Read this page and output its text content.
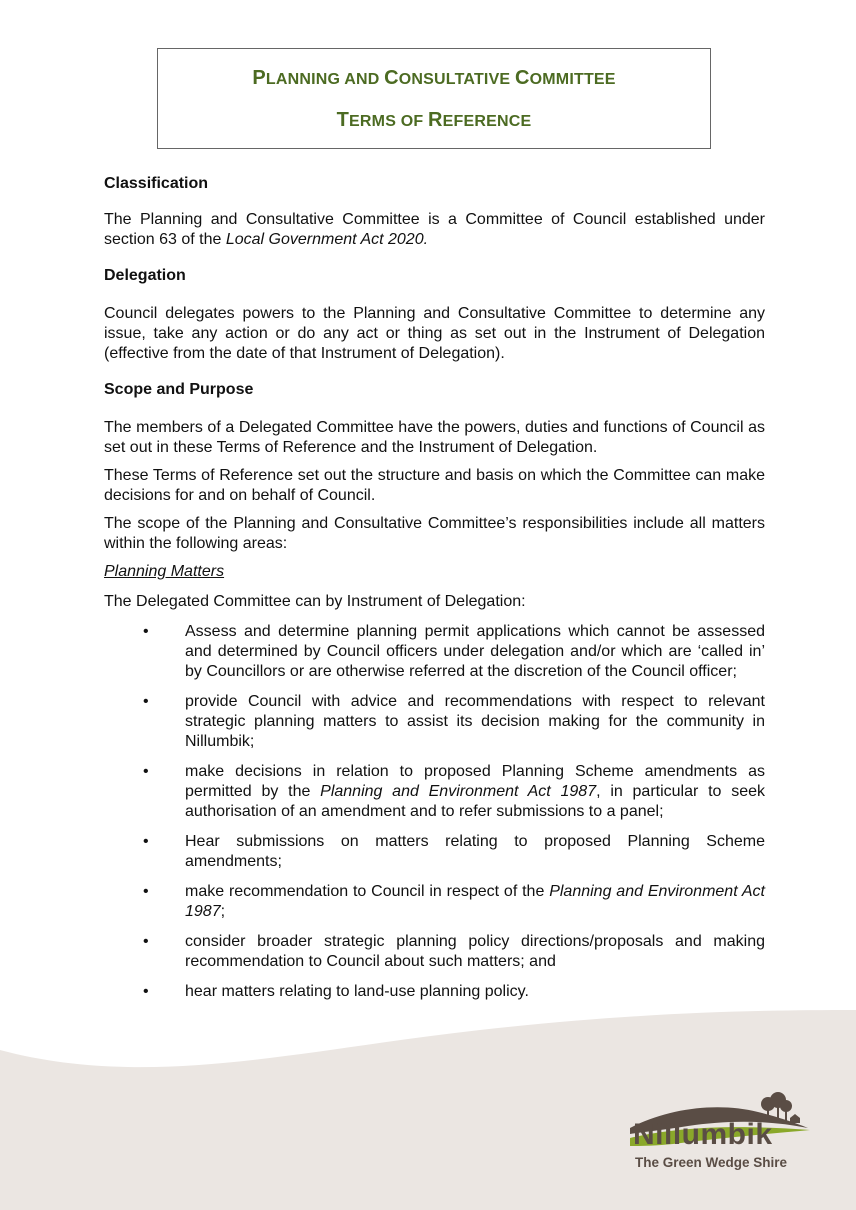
PLANNING AND CONSULTATIVE COMMITTEE
TERMS OF REFERENCE
Classification

The Planning and Consultative Committee is a Committee of Council established under section 63 of the Local Government Act 2020.

Delegation

Council delegates powers to the Planning and Consultative Committee to determine any issue, take any action or do any act or thing as set out in the Instrument of Delegation (effective from the date of that Instrument of Delegation).

Scope and Purpose

The members of a Delegated Committee have the powers, duties and functions of Council as set out in these Terms of Reference and the Instrument of Delegation.

These Terms of Reference set out the structure and basis on which the Committee can make decisions for and on behalf of Council.

The scope of the Planning and Consultative Committee’s responsibilities include all matters within the following areas:

Planning Matters

The Delegated Committee can by Instrument of Delegation:

• Assess and determine planning permit applications which cannot be assessed and determined by Council officers under delegation and/or which are ‘called in’ by Councillors or are otherwise referred at the discretion of the Council officer;
• provide Council with advice and recommendations with respect to relevant strategic planning matters to assist its decision making for the community in Nillumbik;
• make decisions in relation to proposed Planning Scheme amendments as permitted by the Planning and Environment Act 1987, in particular to seek authorisation of an amendment and to refer submissions to a panel;
• Hear submissions on matters relating to proposed Planning Scheme amendments;
• make recommendation to Council in respect of the Planning and Environment Act 1987;
• consider broader strategic planning policy directions/proposals and making recommendation to Council about such matters; and
• hear matters relating to land-use planning policy.
Nillumbik
The Green Wedge Shire
